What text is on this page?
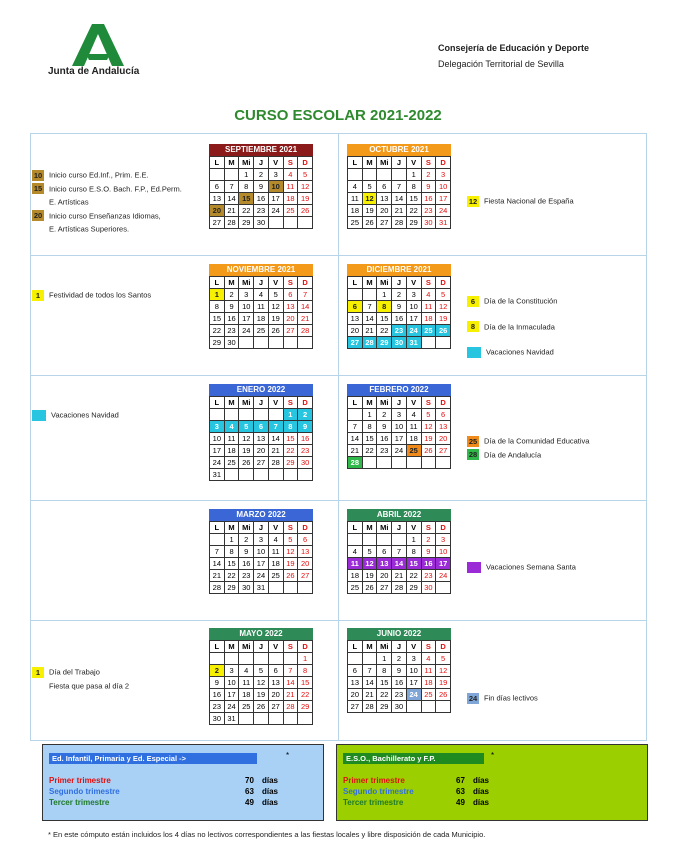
Junta de Andalucía
Consejería de Educación y Deporte
Delegación Territorial de Sevilla
CURSO ESCOLAR 2021-2022
SEPTIEMBRE 2021
L	M	Mi	J	V	S	D
		1	2	3	4	5
6	7	8	9	10	11	12
13	14	15	16	17	18	19
20	21	22	23	24	25	26
27	28	29	30			
OCTUBRE 2021
L	M	Mi	J	V	S	D
				1	2	3
4	5	6	7	8	9	10
11	12	13	14	15	16	17
18	19	20	21	22	23	24
25	26	27	28	29	30	31
NOVIEMBRE 2021
L	M	Mi	J	V	S	D
1	2	3	4	5	6	7
8	9	10	11	12	13	14
15	16	17	18	19	20	21
22	23	24	25	26	27	28
29	30					
DICIEMBRE 2021
L	M	Mi	J	V	S	D
		1	2	3	4	5
6	7	8	9	10	11	12
13	14	15	16	17	18	19
20	21	22	23	24	25	26
27	28	29	30	31		
ENERO 2022
L	M	Mi	J	V	S	D
					1	2
3	4	5	6	7	8	9
10	11	12	13	14	15	16
17	18	19	20	21	22	23
24	25	26	27	28	29	30
31						
FEBRERO 2022
L	M	Mi	J	V	S	D
	1	2	3	4	5	6
7	8	9	10	11	12	13
14	15	16	17	18	19	20
21	22	23	24	25	26	27
28						
MARZO 2022
L	M	Mi	J	V	S	D
	1	2	3	4	5	6
7	8	9	10	11	12	13
14	15	16	17	18	19	20
21	22	23	24	25	26	27
28	29	30	31			
ABRIL 2022
L	M	Mi	J	V	S	D
				1	2	3
4	5	6	7	8	9	10
11	12	13	14	15	16	17
18	19	20	21	22	23	24
25	26	27	28	29	30	
MAYO 2022
L	M	Mi	J	V	S	D
						1
2	3	4	5	6	7	8
9	10	11	12	13	14	15
16	17	18	19	20	21	22
23	24	25	26	27	28	29
30	31					
JUNIO 2022
L	M	Mi	J	V	S	D
		1	2	3	4	5
6	7	8	9	10	11	12
13	14	15	16	17	18	19
20	21	22	23	24	25	26
27	28	29	30			
10 Inicio curso Ed.Inf., Prim. E.E.
15 Inicio curso E.S.O. Bach. F.P., Ed.Perm.
E. Artísticas
20 Inicio curso Enseñanzas Idiomas,
E. Artísticas Superiores.
12 Fiesta Nacional de España
1 Festividad de todos los Santos
6 Día de la Constitución
8 Día de la Inmaculada
Vacaciones Navidad
Vacaciones Navidad
25 Día de la Comunidad Educativa
28 Día de Andalucía
Vacaciones Semana Santa
1 Día del Trabajo
Fiesta que pasa al día 2
24 Fin días lectivos
Ed. Infantil, Primaria y Ed. Especial ->	*
Primer trimestre	70 días
Segundo trimestre	63 días
Tercer trimestre	49 días
E.S.O., Bachillerato y F.P.	*
Primer trimestre	67 días
Segundo trimestre	63 días
Tercer trimestre	49 días
* En este cómputo están incluidos los 4 días no lectivos correspondientes a las fiestas locales y libre disposición de cada Municipio.
